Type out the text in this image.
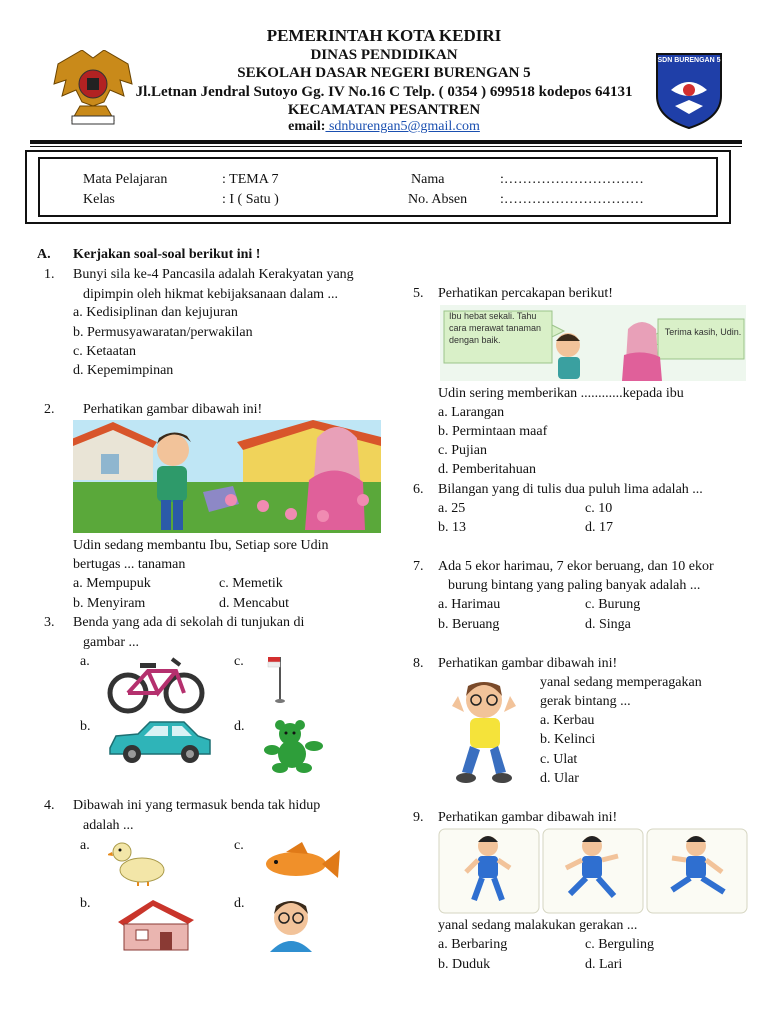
PEMERINTAH KOTA KEDIRI
DINAS PENDIDIKAN
SEKOLAH DASAR NEGERI BURENGAN 5
Jl.Letnan Jendral Sutoyo Gg. IV No.16 C Telp. ( 0354 ) 699518 kodepos 64131
KECAMATAN PESANTREN
email: sdnburengan5@gmail.com
SDN BURENGAN 5
Mata Pelajaran	: TEMA 7
Kelas	: I ( Satu )
Nama	:…………………………
No. Absen :…………………………
A. Kerjakan soal-soal berikut ini !
1. Bunyi sila ke-4 Pancasila adalah Kerakyatan yang
dipimpin oleh hikmat kebijaksanaan dalam ...
a. Kedisiplinan dan kejujuran
b. Permusyawaratan/perwakilan
c. Ketaatan
d. Kepemimpinan
2. Perhatikan gambar dibawah ini!
Udin sedang membantu Ibu, Setiap sore Udin
bertugas ... tanaman
a. Mempupuk	c. Memetik
b. Menyiram	d. Mencabut
3. Benda yang ada di sekolah di tunjukan di
gambar ...
a.	c.
b.	d.
4. Dibawah ini yang termasuk benda tak hidup
adalah ...
a.	c.
b.	d.
5. Perhatikan percakapan berikut!
Ibu hebat sekali. Tahu cara merawat tanaman dengan baik.
Terima kasih, Udin.
Udin sering memberikan ............kepada ibu
a. Larangan
b. Permintaan maaf
c. Pujian
d. Pemberitahuan
6. Bilangan yang di tulis dua puluh lima adalah ...
a. 25	c. 10
b. 13	d. 17
7. Ada 5 ekor harimau, 7 ekor beruang, dan 10 ekor
burung bintang yang paling banyak adalah ...
a. Harimau	c. Burung
b. Beruang	d. Singa
8. Perhatikan gambar dibawah ini!
yanal sedang memperagakan
gerak bintang ...
a. Kerbau
b. Kelinci
c. Ulat
d. Ular
9. Perhatikan gambar dibawah ini!
yanal sedang malakukan gerakan ...
a. Berbaring	c. Berguling
b. Duduk	d. Lari
